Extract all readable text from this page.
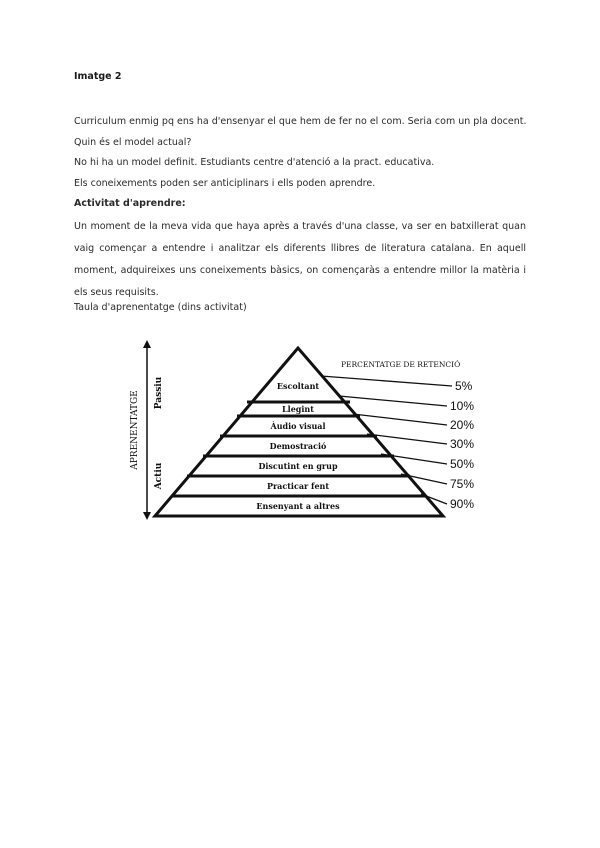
Imatge 2
Curriculum enmig pq ens ha d'ensenyar el que hem de fer no el com. Seria com un pla docent.
Quin és el model actual?
No hi ha un model definit. Estudiants centre d'atenció a la pract. educativa.
Els coneixements poden ser anticiplinars i ells poden aprendre.
Activitat d'aprendre:
Un moment de la meva vida que haya après a través d'una classe, va ser en batxillerat quan vaig començar a entendre i analitzar els diferents llibres de literatura catalana. En aquell moment, adquireixes uns coneixements bàsics, on començaràs a entendre millor la matèria i els seus requisits.
Taula d'aprenentatge (dins activitat)
APRENENTATGE Passiu
Actiu
PERCENTATGE DE RETENCIÓ
Escoltant
Llegint
Àudio visual
Demostració
Discutint en grup
Practicar fent
Ensenyant a altres
5%
10%
20%
30%
50%
75%
90%
